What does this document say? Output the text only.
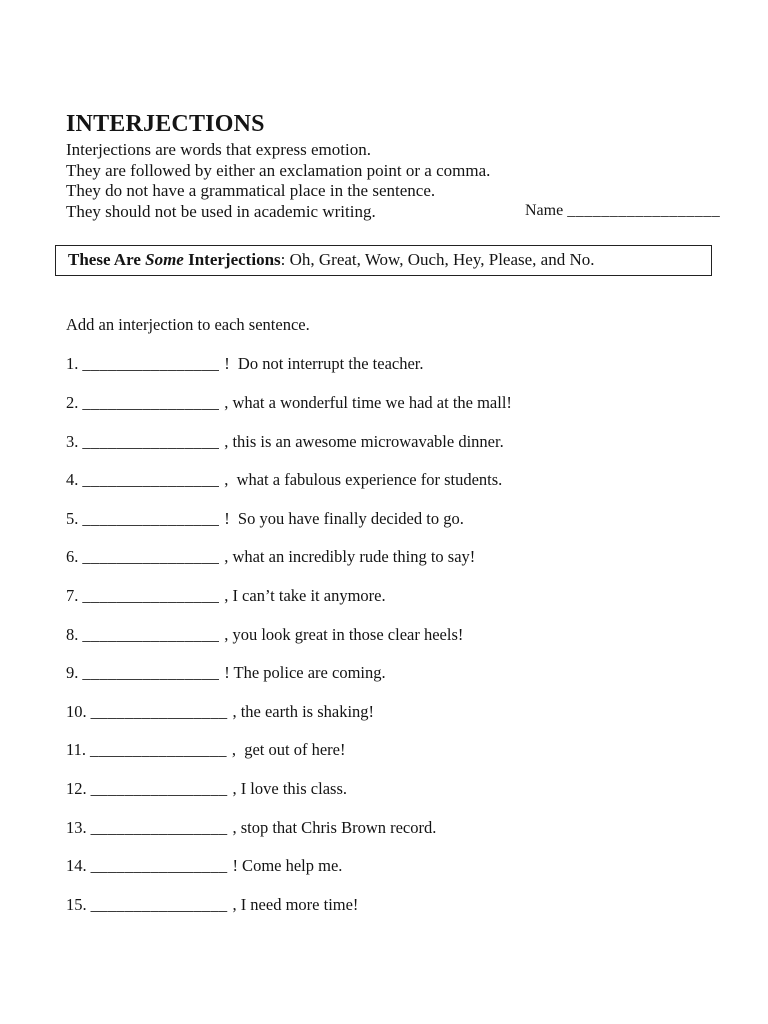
Name __________________
INTERJECTIONS
Interjections are words that express emotion.
They are followed by either an exclamation point or a comma.
They do not have a grammatical place in the sentence.
They should not be used in academic writing.
These Are Some Interjections: Oh, Great, Wow, Ouch, Hey, Please, and No.
Add an interjection to each sentence.
1. ________________ !  Do not interrupt the teacher.
2. ________________ , what a wonderful time we had at the mall!
3. ________________ , this is an awesome microwavable dinner.
4. ________________ ,  what a fabulous experience for students.
5. ________________ !  So you have finally decided to go.
6. ________________ , what an incredibly rude thing to say!
7. ________________ , I can’t take it anymore.
8. ________________ , you look great in those clear heels!
9. ________________ ! The police are coming.
10. ________________ , the earth is shaking!
11. ________________ ,  get out of here!
12. ________________ , I love this class.
13. ________________ , stop that Chris Brown record.
14. ________________ ! Come help me.
15. ________________ , I need more time!
